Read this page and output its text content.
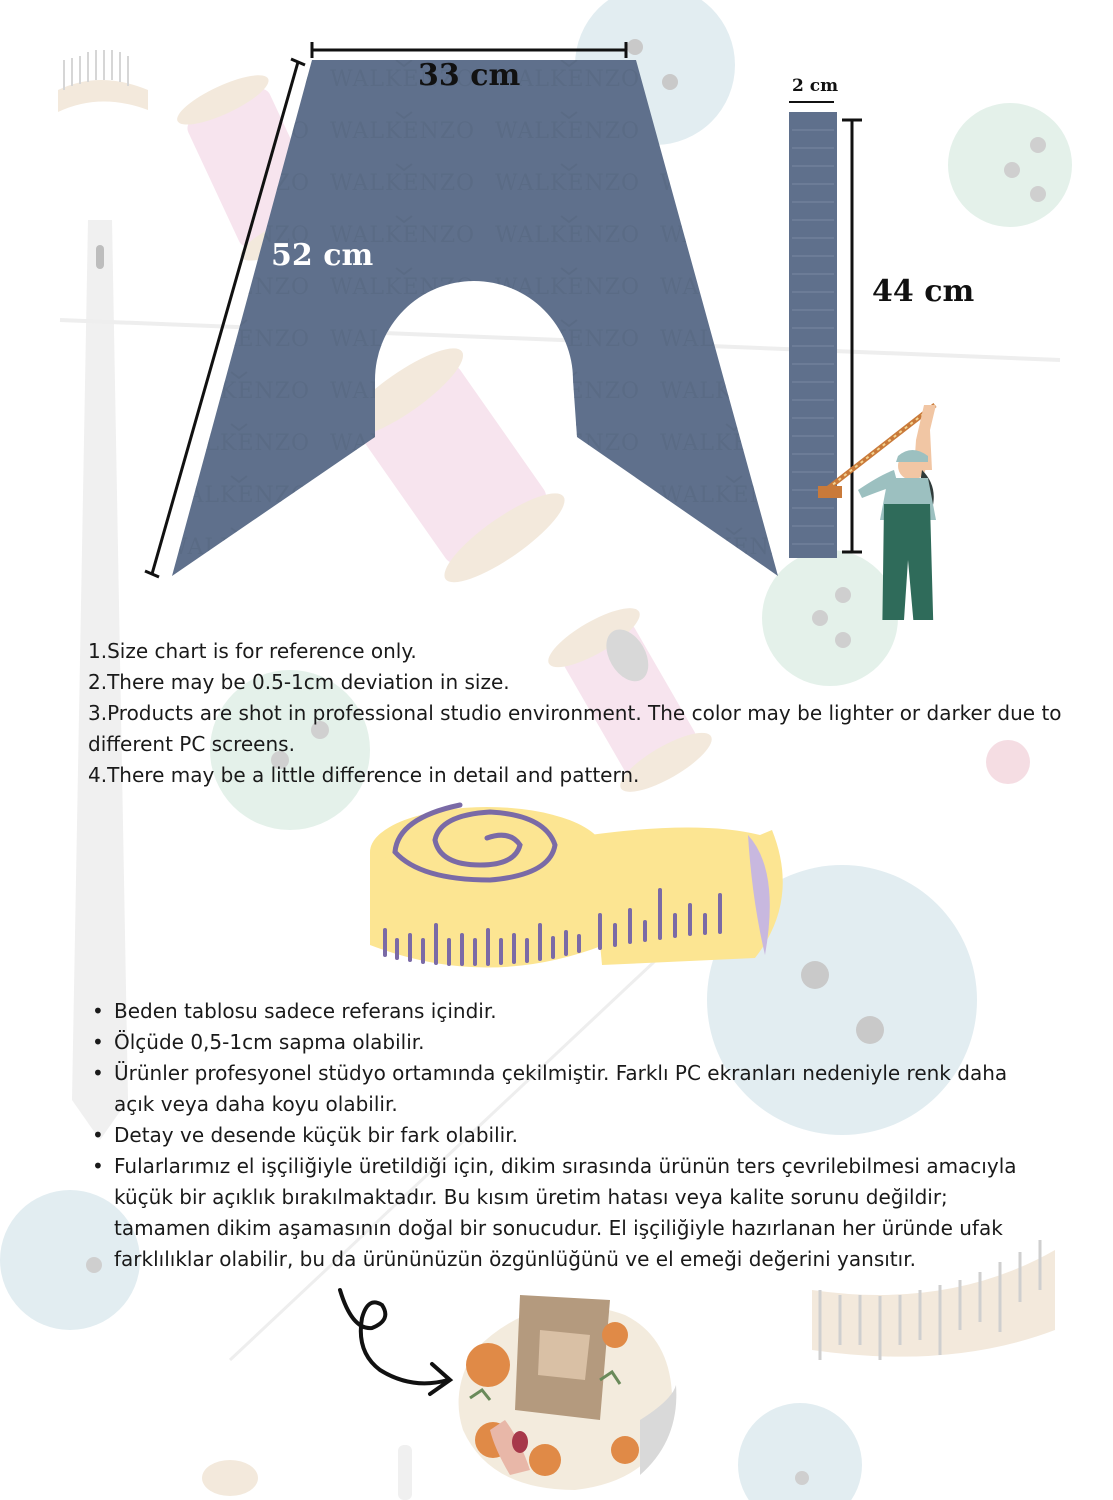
33 cm
52 cm
2 cm
44 cm

1.Size chart is for reference only.

2.There may be 0.5-1cm deviation in size.

3.Products are shot in professional studio environment. The color may be lighter or darker due to different PC screens.

4.There may be a little difference in detail and pattern.

• Beden tablosu sadece referans içindir.
• Ölçüde 0,5-1cm sapma olabilir.
• Ürünler profesyonel stüdyo ortamında çekilmiştir. Farklı PC ekranları nedeniyle renk daha açık veya daha koyu olabilir.
• Detay ve desende küçük bir fark olabilir.
• Fularlarımız el işçiliğiyle üretildiği için, dikim sırasında ürünün ters çevrilebilmesi amacıyla küçük bir açıklık bırakılmaktadır. Bu kısım üretim hatası veya kalite sorunu değildir; tamamen dikim aşamasının doğal bir sonucudur. El işçiliğiyle hazırlanan her üründe ufak farklılıklar olabilir, bu da ürününüzün özgünlüğünü ve el emeği değerini yansıtır.
